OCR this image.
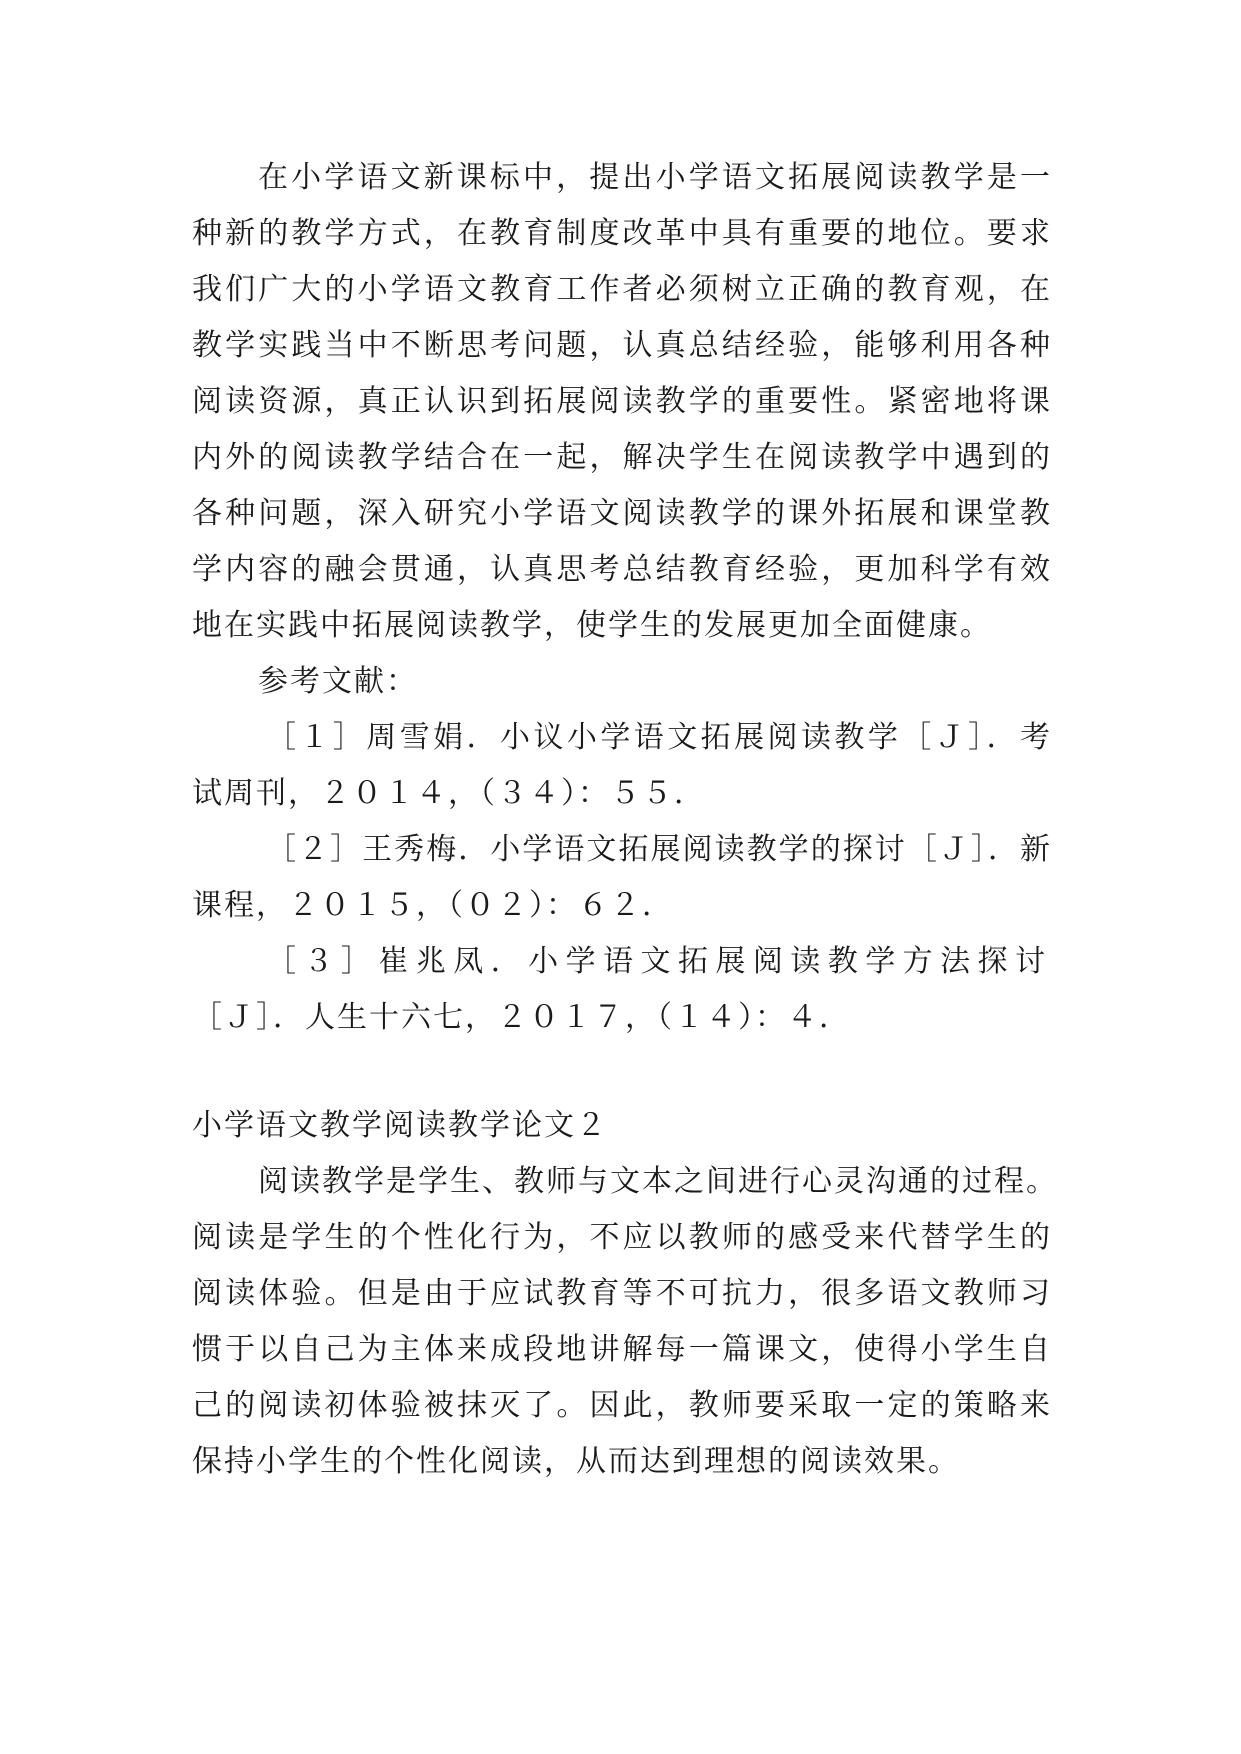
在小学语文新课标中，提出小学语文拓展阅读教学是一
种新的教学方式，在教育制度改革中具有重要的地位。要求
我们广大的小学语文教育工作者必须树立正确的教育观，在
教学实践当中不断思考问题，认真总结经验，能够利用各种
阅读资源，真正认识到拓展阅读教学的重要性。紧密地将课
内外的阅读教学结合在一起，解决学生在阅读教学中遇到的
各种问题，深入研究小学语文阅读教学的课外拓展和课堂教
学内容的融会贯通，认真思考总结教育经验，更加科学有效
地在实践中拓展阅读教学，使学生的发展更加全面健康。
参考文献：
［１］周雪娟．小议小学语文拓展阅读教学［Ｊ］．考
试周刊，２０１４，（３４）：５５．
［２］王秀梅．小学语文拓展阅读教学的探讨［Ｊ］．新
课程，２０１５，（０２）：６２．
［３］崔兆凤．小学语文拓展阅读教学方法探讨
［Ｊ］．人生十六七，２０１７，（１４）：４．
小学语文教学阅读教学论文２
阅读教学是学生、教师与文本之间进行心灵沟通的过程。
阅读是学生的个性化行为，不应以教师的感受来代替学生的
阅读体验。但是由于应试教育等不可抗力，很多语文教师习
惯于以自己为主体来成段地讲解每一篇课文，使得小学生自
己的阅读初体验被抹灭了。因此，教师要采取一定的策略来
保持小学生的个性化阅读，从而达到理想的阅读效果。
